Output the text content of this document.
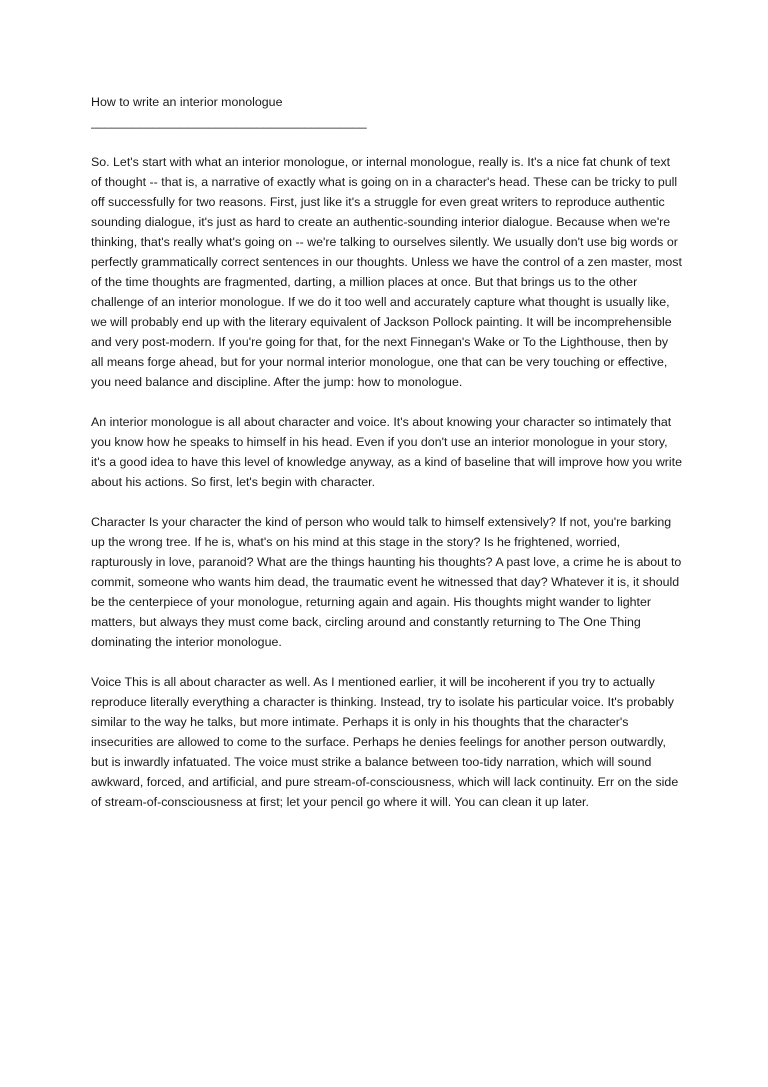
How to write an interior monologue

________________________________________

So. Let's start with what an interior monologue, or internal monologue, really is. It's a nice fat chunk of text of thought -- that is, a narrative of exactly what is going on in a character's head. These can be tricky to pull off successfully for two reasons. First, just like it's a struggle for even great writers to reproduce authentic sounding dialogue, it's just as hard to create an authentic-sounding interior dialogue. Because when we're thinking, that's really what's going on -- we're talking to ourselves silently. We usually don't use big words or perfectly grammatically correct sentences in our thoughts. Unless we have the control of a zen master, most of the time thoughts are fragmented, darting, a million places at once. But that brings us to the other challenge of an interior monologue. If we do it too well and accurately capture what thought is usually like, we will probably end up with the literary equivalent of Jackson Pollock painting. It will be incomprehensible and very post-modern. If you're going for that, for the next Finnegan's Wake or To the Lighthouse, then by all means forge ahead, but for your normal interior monologue, one that can be very touching or effective, you need balance and discipline. After the jump: how to monologue.

An interior monologue is all about character and voice. It's about knowing your character so intimately that you know how he speaks to himself in his head. Even if you don't use an interior monologue in your story, it's a good idea to have this level of knowledge anyway, as a kind of baseline that will improve how you write about his actions. So first, let's begin with character.

Character Is your character the kind of person who would talk to himself extensively? If not, you're barking up the wrong tree. If he is, what's on his mind at this stage in the story? Is he frightened, worried, rapturously in love, paranoid? What are the things haunting his thoughts? A past love, a crime he is about to commit, someone who wants him dead, the traumatic event he witnessed that day? Whatever it is, it should be the centerpiece of your monologue, returning again and again. His thoughts might wander to lighter matters, but always they must come back, circling around and constantly returning to The One Thing dominating the interior monologue.

Voice This is all about character as well. As I mentioned earlier, it will be incoherent if you try to actually reproduce literally everything a character is thinking. Instead, try to isolate his particular voice. It's probably similar to the way he talks, but more intimate. Perhaps it is only in his thoughts that the character's insecurities are allowed to come to the surface. Perhaps he denies feelings for another person outwardly, but is inwardly infatuated. The voice must strike a balance between too-tidy narration, which will sound awkward, forced, and artificial, and pure stream-of-consciousness, which will lack continuity. Err on the side of stream-of-consciousness at first; let your pencil go where it will. You can clean it up later.
